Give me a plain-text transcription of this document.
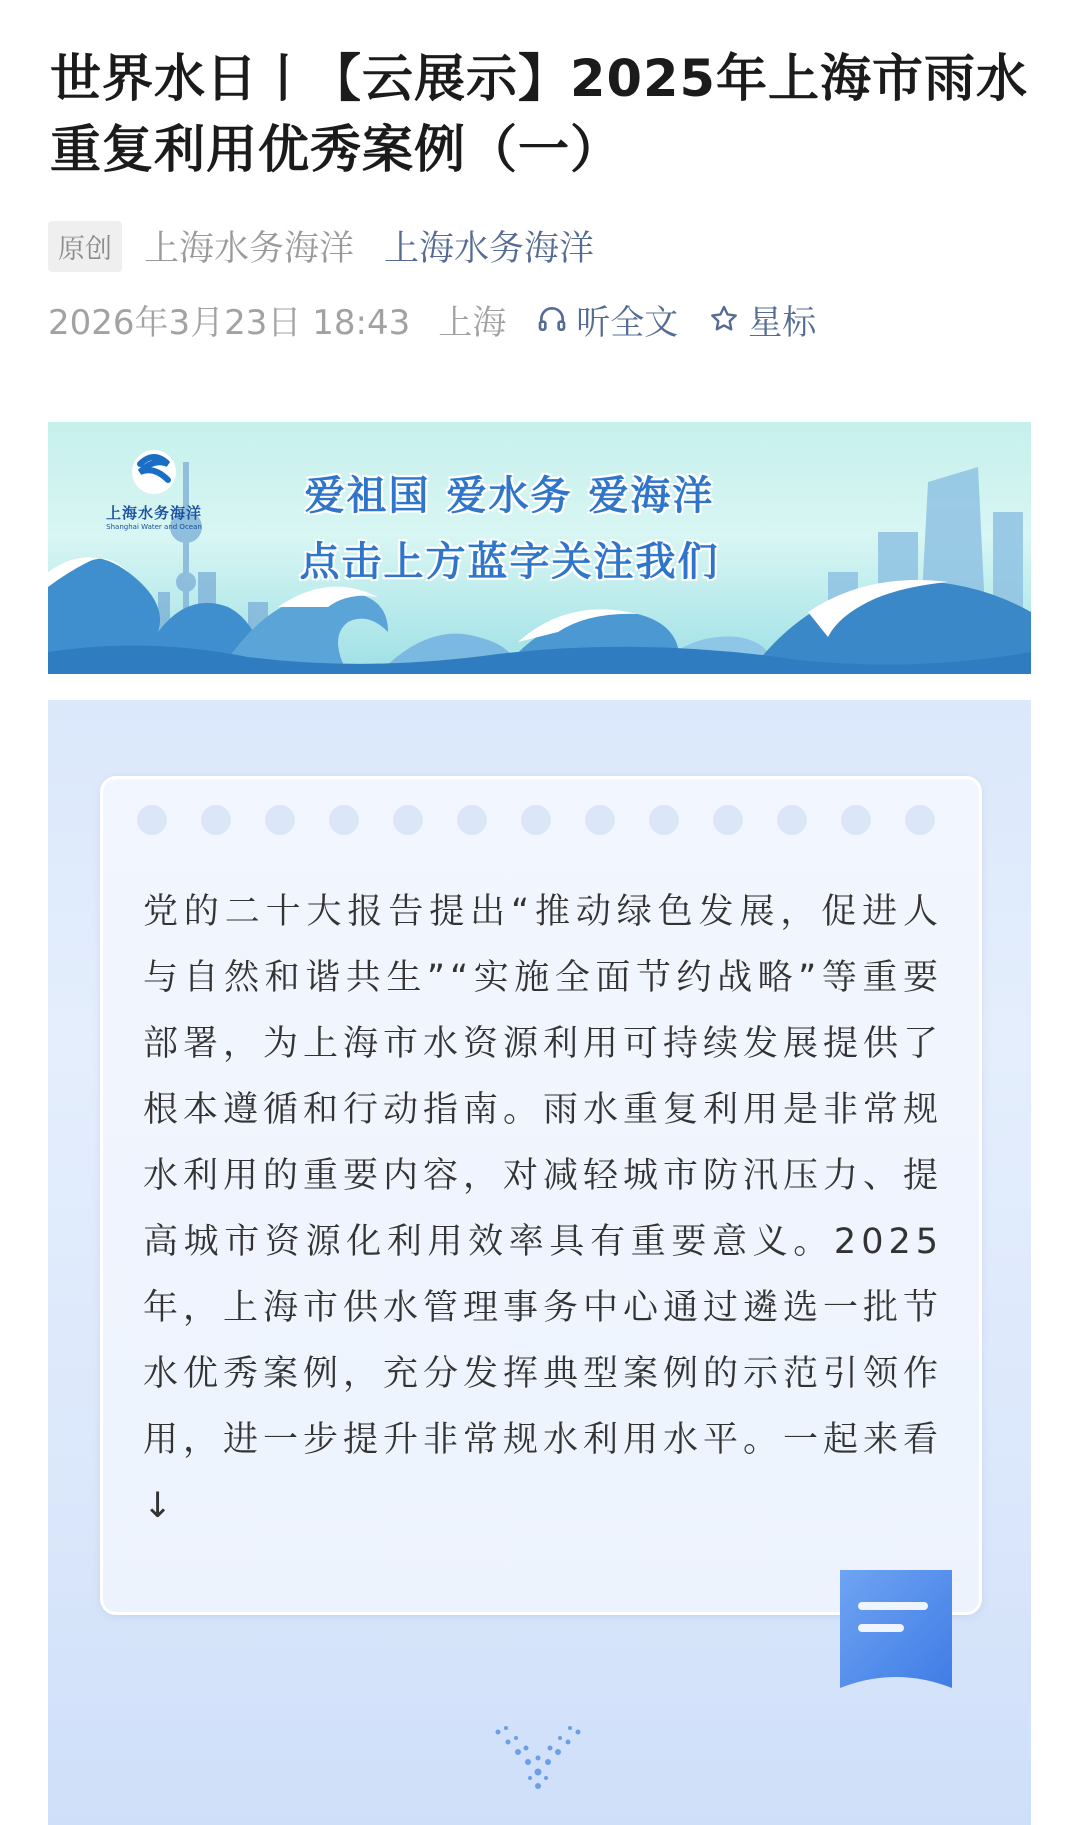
世界水日丨【云展示】2025年上海市雨水重复利用优秀案例（一）
原创 上海水务海洋 上海水务海洋
2026年3月23日 18:43 上海 听全文 星标
上海水务海洋
Shanghai Water and Ocean
爱祖国 爱水务 爱海洋
点击上方蓝字关注我们
党的二十大报告提出“推动绿色发展，促进人与自然和谐共生”“实施全面节约战略”等重要部署，为上海市水资源利用可持续发展提供了根本遵循和行动指南。雨水重复利用是非常规水利用的重要内容，对减轻城市防汛压力、提高城市资源化利用效率具有重要意义。2025年，上海市供水管理事务中心通过遴选一批节水优秀案例，充分发挥典型案例的示范引领作用，进一步提升非常规水利用水平。一起来看↓
